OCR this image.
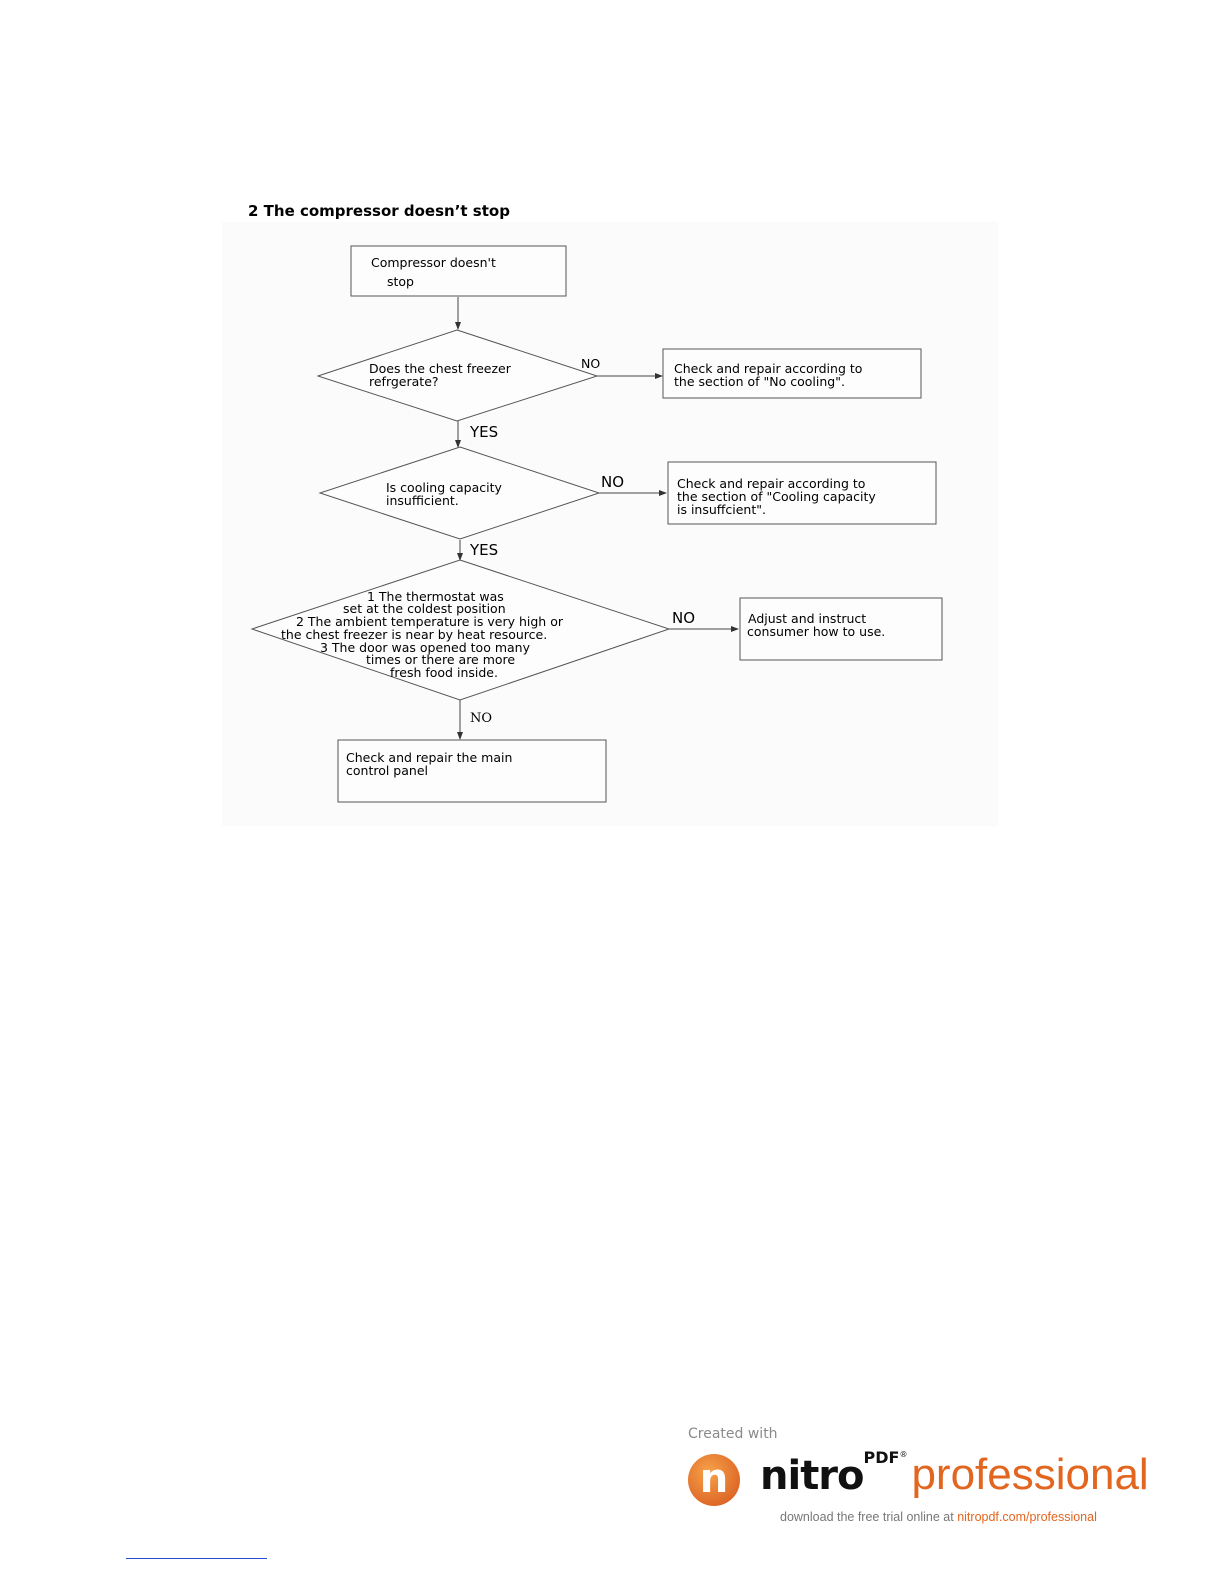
2 The compressor doesn’t stop
Compressor doesn't
stop
Does the chest freezer
refrgerate?
NO
YES
Check and repair according to
the section of "No cooling".
Is cooling capacity
insufficient.
NO
YES
Check and repair according to
the section of "Cooling capacity
is insuffcient".
1 The thermostat was
set at the coldest position
2 The ambient temperature is very high or
the chest freezer is near by heat resource.
3 The door was opened too many
times or there are more
fresh food inside.
NO
NO
Adjust and instruct
consumer how to use.
Check and repair the main
control panel
Created with
n nitroPDF®professional
download the free trial online at nitropdf.com/professional
